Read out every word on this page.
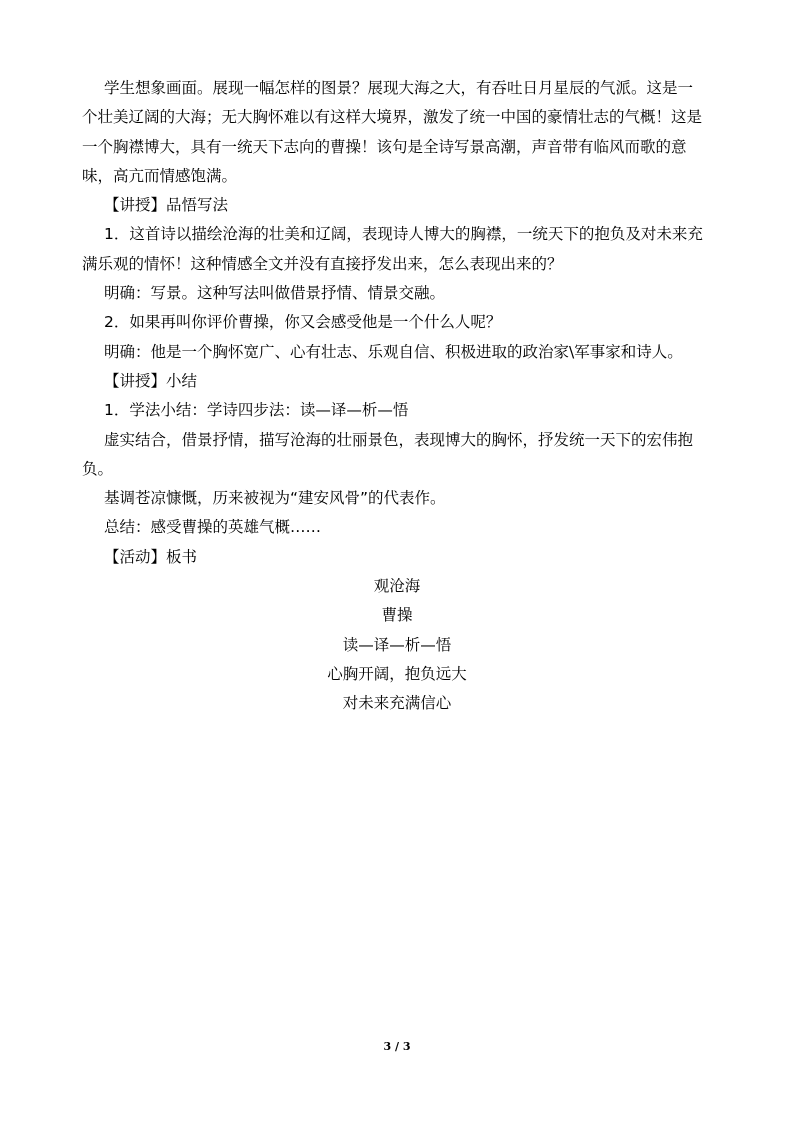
学生想象画面。展现一幅怎样的图景？展现大海之大，有吞吐日月星辰的气派。这是一
个壮美辽阔的大海；无大胸怀难以有这样大境界，激发了统一中国的豪情壮志的气概！这是
一个胸襟博大，具有一统天下志向的曹操！该句是全诗写景高潮，声音带有临风而歌的意
味，高亢而情感饱满。
【讲授】品悟写法
1．这首诗以描绘沧海的壮美和辽阔，表现诗人博大的胸襟，一统天下的抱负及对未来充
满乐观的情怀！这种情感全文并没有直接抒发出来，怎么表现出来的？
明确：写景。这种写法叫做借景抒情、情景交融。
2．如果再叫你评价曹操，你又会感受他是一个什么人呢？
明确：他是一个胸怀宽广、心有壮志、乐观自信、积极进取的政治家\军事家和诗人。
【讲授】小结
1．学法小结：学诗四步法：读—译—析—悟
虚实结合，借景抒情，描写沧海的壮丽景色，表现博大的胸怀，抒发统一天下的宏伟抱
负。
基调苍凉慷慨，历来被视为“建安风骨”的代表作。
总结：感受曹操的英雄气概……
【活动】板书
观沧海
曹操
读—译—析—悟
心胸开阔，抱负远大
对未来充满信心
3 / 3
